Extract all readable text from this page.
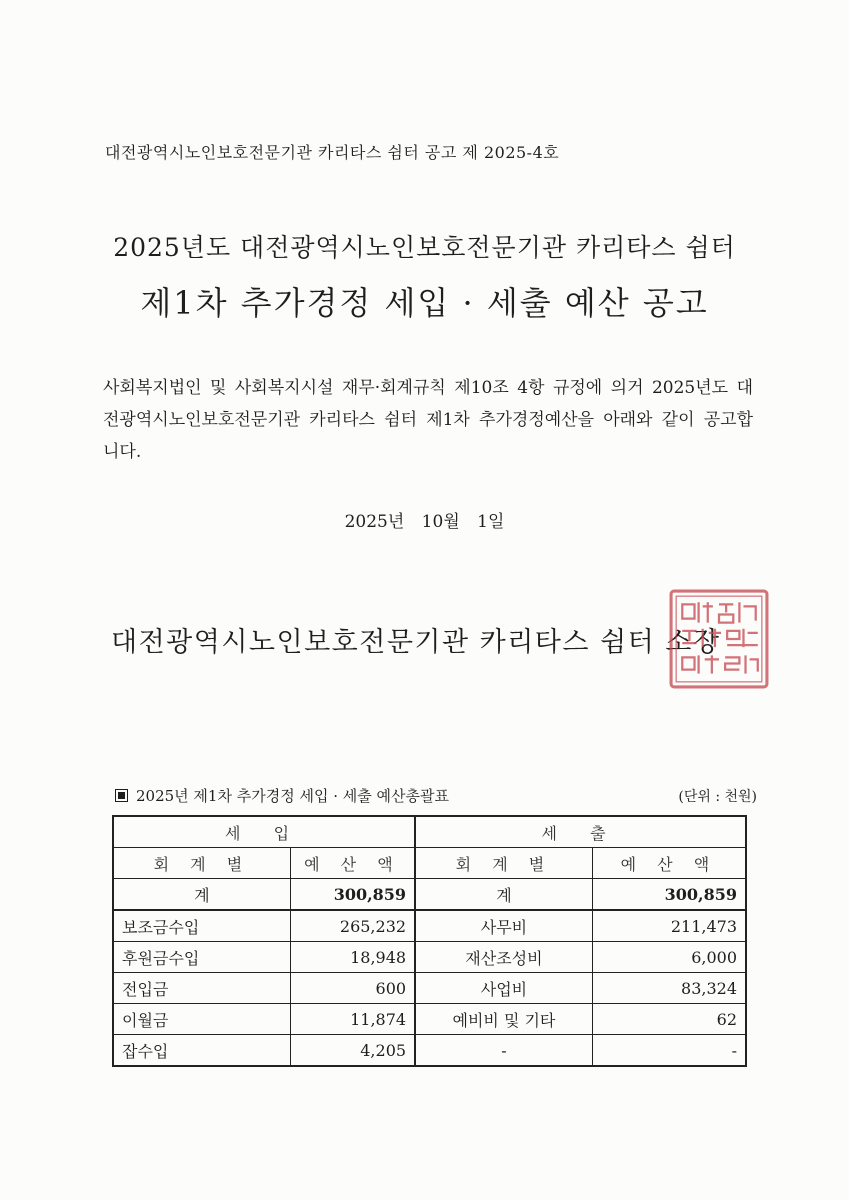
대전광역시노인보호전문기관 카리타스 쉼터 공고 제 2025-4호
2025년도 대전광역시노인보호전문기관 카리타스 쉼터
제1차 추가경정 세입 · 세출 예산 공고
사회복지법인 및 사회복지시설 재무·회계규칙 제10조 4항 규정에 의거 2025년도 대전광역시노인보호전문기관 카리타스 쉼터 제1차 추가경정예산을 아래와 같이 공고합니다.
2025년 10월 1일
대전광역시노인보호전문기관 카리타스 쉼터 소장
2025년 제1차 추가경정 세입 · 세출 예산총괄표	(단위 : 천원)
세 입		세 출	
회 계 별	예 산 액	회 계 별	예 산 액
계	300,859	계	300,859
보조금수입	265,232	사무비	211,473
후원금수입	18,948	재산조성비	6,000
전입금	600	사업비	83,324
이월금	11,874	예비비 및 기타	62
잡수입	4,205	-	-
